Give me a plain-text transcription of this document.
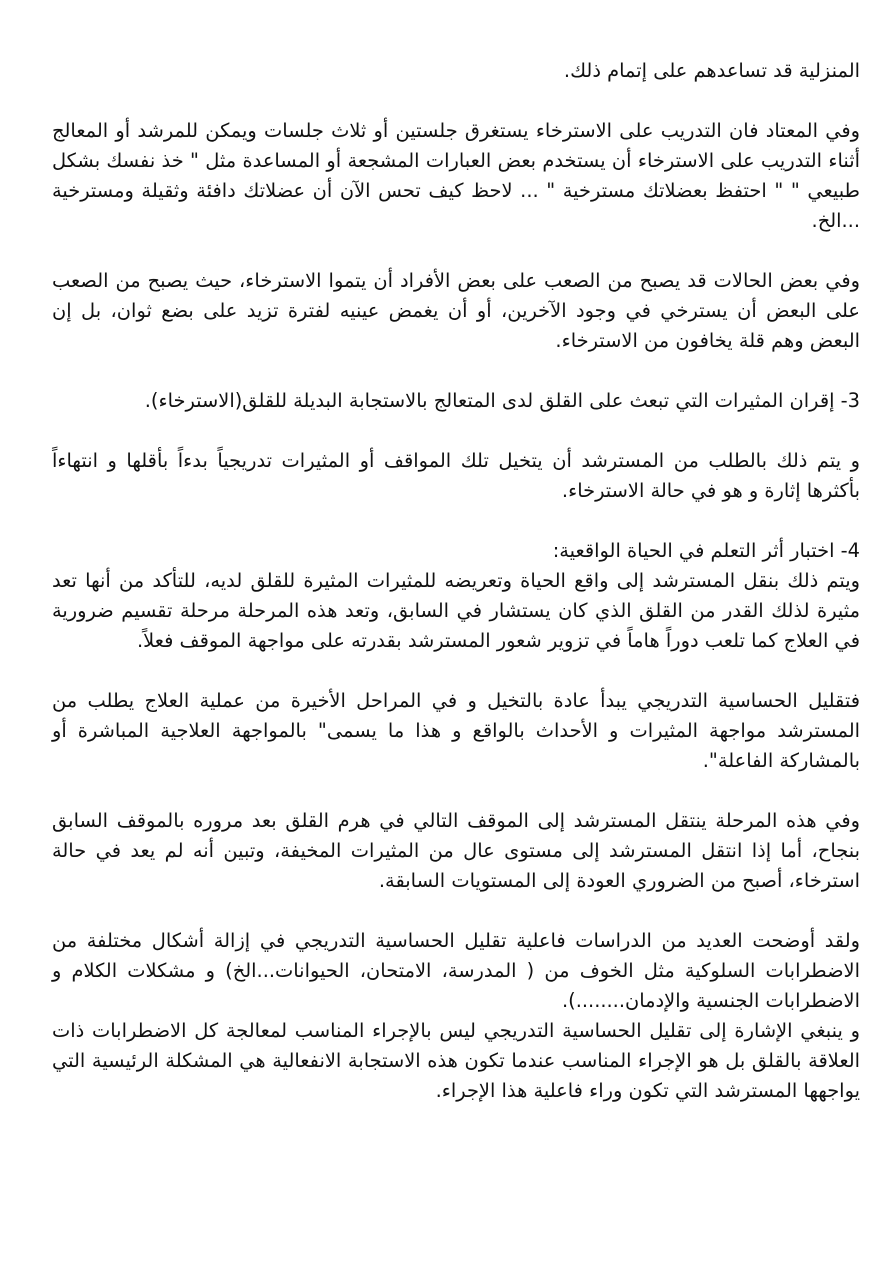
المنزلية قد تساعدهم على إتمام ذلك.

وفي المعتاد فان التدريب على الاسترخاء يستغرق جلستين أو ثلاث جلسات ويمكن للمرشد أو المعالج أثناء التدريب على الاسترخاء أن يستخدم بعض العبارات المشجعة أو المساعدة مثل " خذ نفسك بشكل طبيعي " " احتفظ بعضلاتك مسترخية " ... لاحظ كيف تحس الآن أن عضلاتك دافئة وثقيلة ومسترخية ...الخ.

وفي بعض الحالات قد يصبح من الصعب على بعض الأفراد أن يتموا الاسترخاء، حيث يصبح من الصعب على البعض أن يسترخي في وجود الآخرين، أو أن يغمض عينيه لفترة تزيد على بضع ثوان، بل إن البعض وهم قلة يخافون من الاسترخاء.

3- إقران المثيرات التي تبعث على القلق لدى المتعالج بالاستجابة البديلة للقلق(الاسترخاء).

و يتم ذلك بالطلب من المسترشد أن يتخيل تلك المواقف أو المثيرات تدريجياً بدءاً بأقلها و انتهاءاً بأكثرها إثارة و هو في حالة الاسترخاء.

4- اختبار أثر التعلم في الحياة الواقعية:

ويتم ذلك بنقل المسترشد إلى واقع الحياة وتعريضه للمثيرات المثيرة للقلق لديه، للتأكد من أنها تعد مثيرة لذلك القدر من القلق الذي كان يستشار في السابق، وتعد هذه المرحلة مرحلة تقسيم ضرورية في العلاج كما تلعب دوراً هاماً في تزوير شعور المسترشد بقدرته على مواجهة الموقف فعلاً.

فتقليل الحساسية التدريجي يبدأ عادة بالتخيل و في المراحل الأخيرة من عملية العلاج يطلب من المسترشد مواجهة المثيرات و الأحداث بالواقع و هذا ما يسمى" بالمواجهة العلاجية المباشرة أو بالمشاركة الفاعلة".

وفي هذه المرحلة ينتقل المسترشد إلى الموقف التالي في هرم القلق بعد مروره بالموقف السابق بنجاح، أما إذا انتقل المسترشد إلى مستوى عال من المثيرات المخيفة، وتبين أنه لم يعد في حالة استرخاء، أصبح من الضروري العودة إلى المستويات السابقة.

ولقد أوضحت العديد من الدراسات فاعلية تقليل الحساسية التدريجي في إزالة أشكال مختلفة من الاضطرابات السلوكية مثل الخوف من ( المدرسة، الامتحان، الحيوانات...الخ) و مشكلات الكلام و الاضطرابات الجنسية والإدمان........).

و ينبغي الإشارة إلى تقليل الحساسية التدريجي ليس بالإجراء المناسب لمعالجة كل الاضطرابات ذات العلاقة بالقلق بل هو الإجراء المناسب عندما تكون هذه الاستجابة الانفعالية هي المشكلة الرئيسية التي يواجهها المسترشد التي تكون وراء فاعلية هذا الإجراء.
